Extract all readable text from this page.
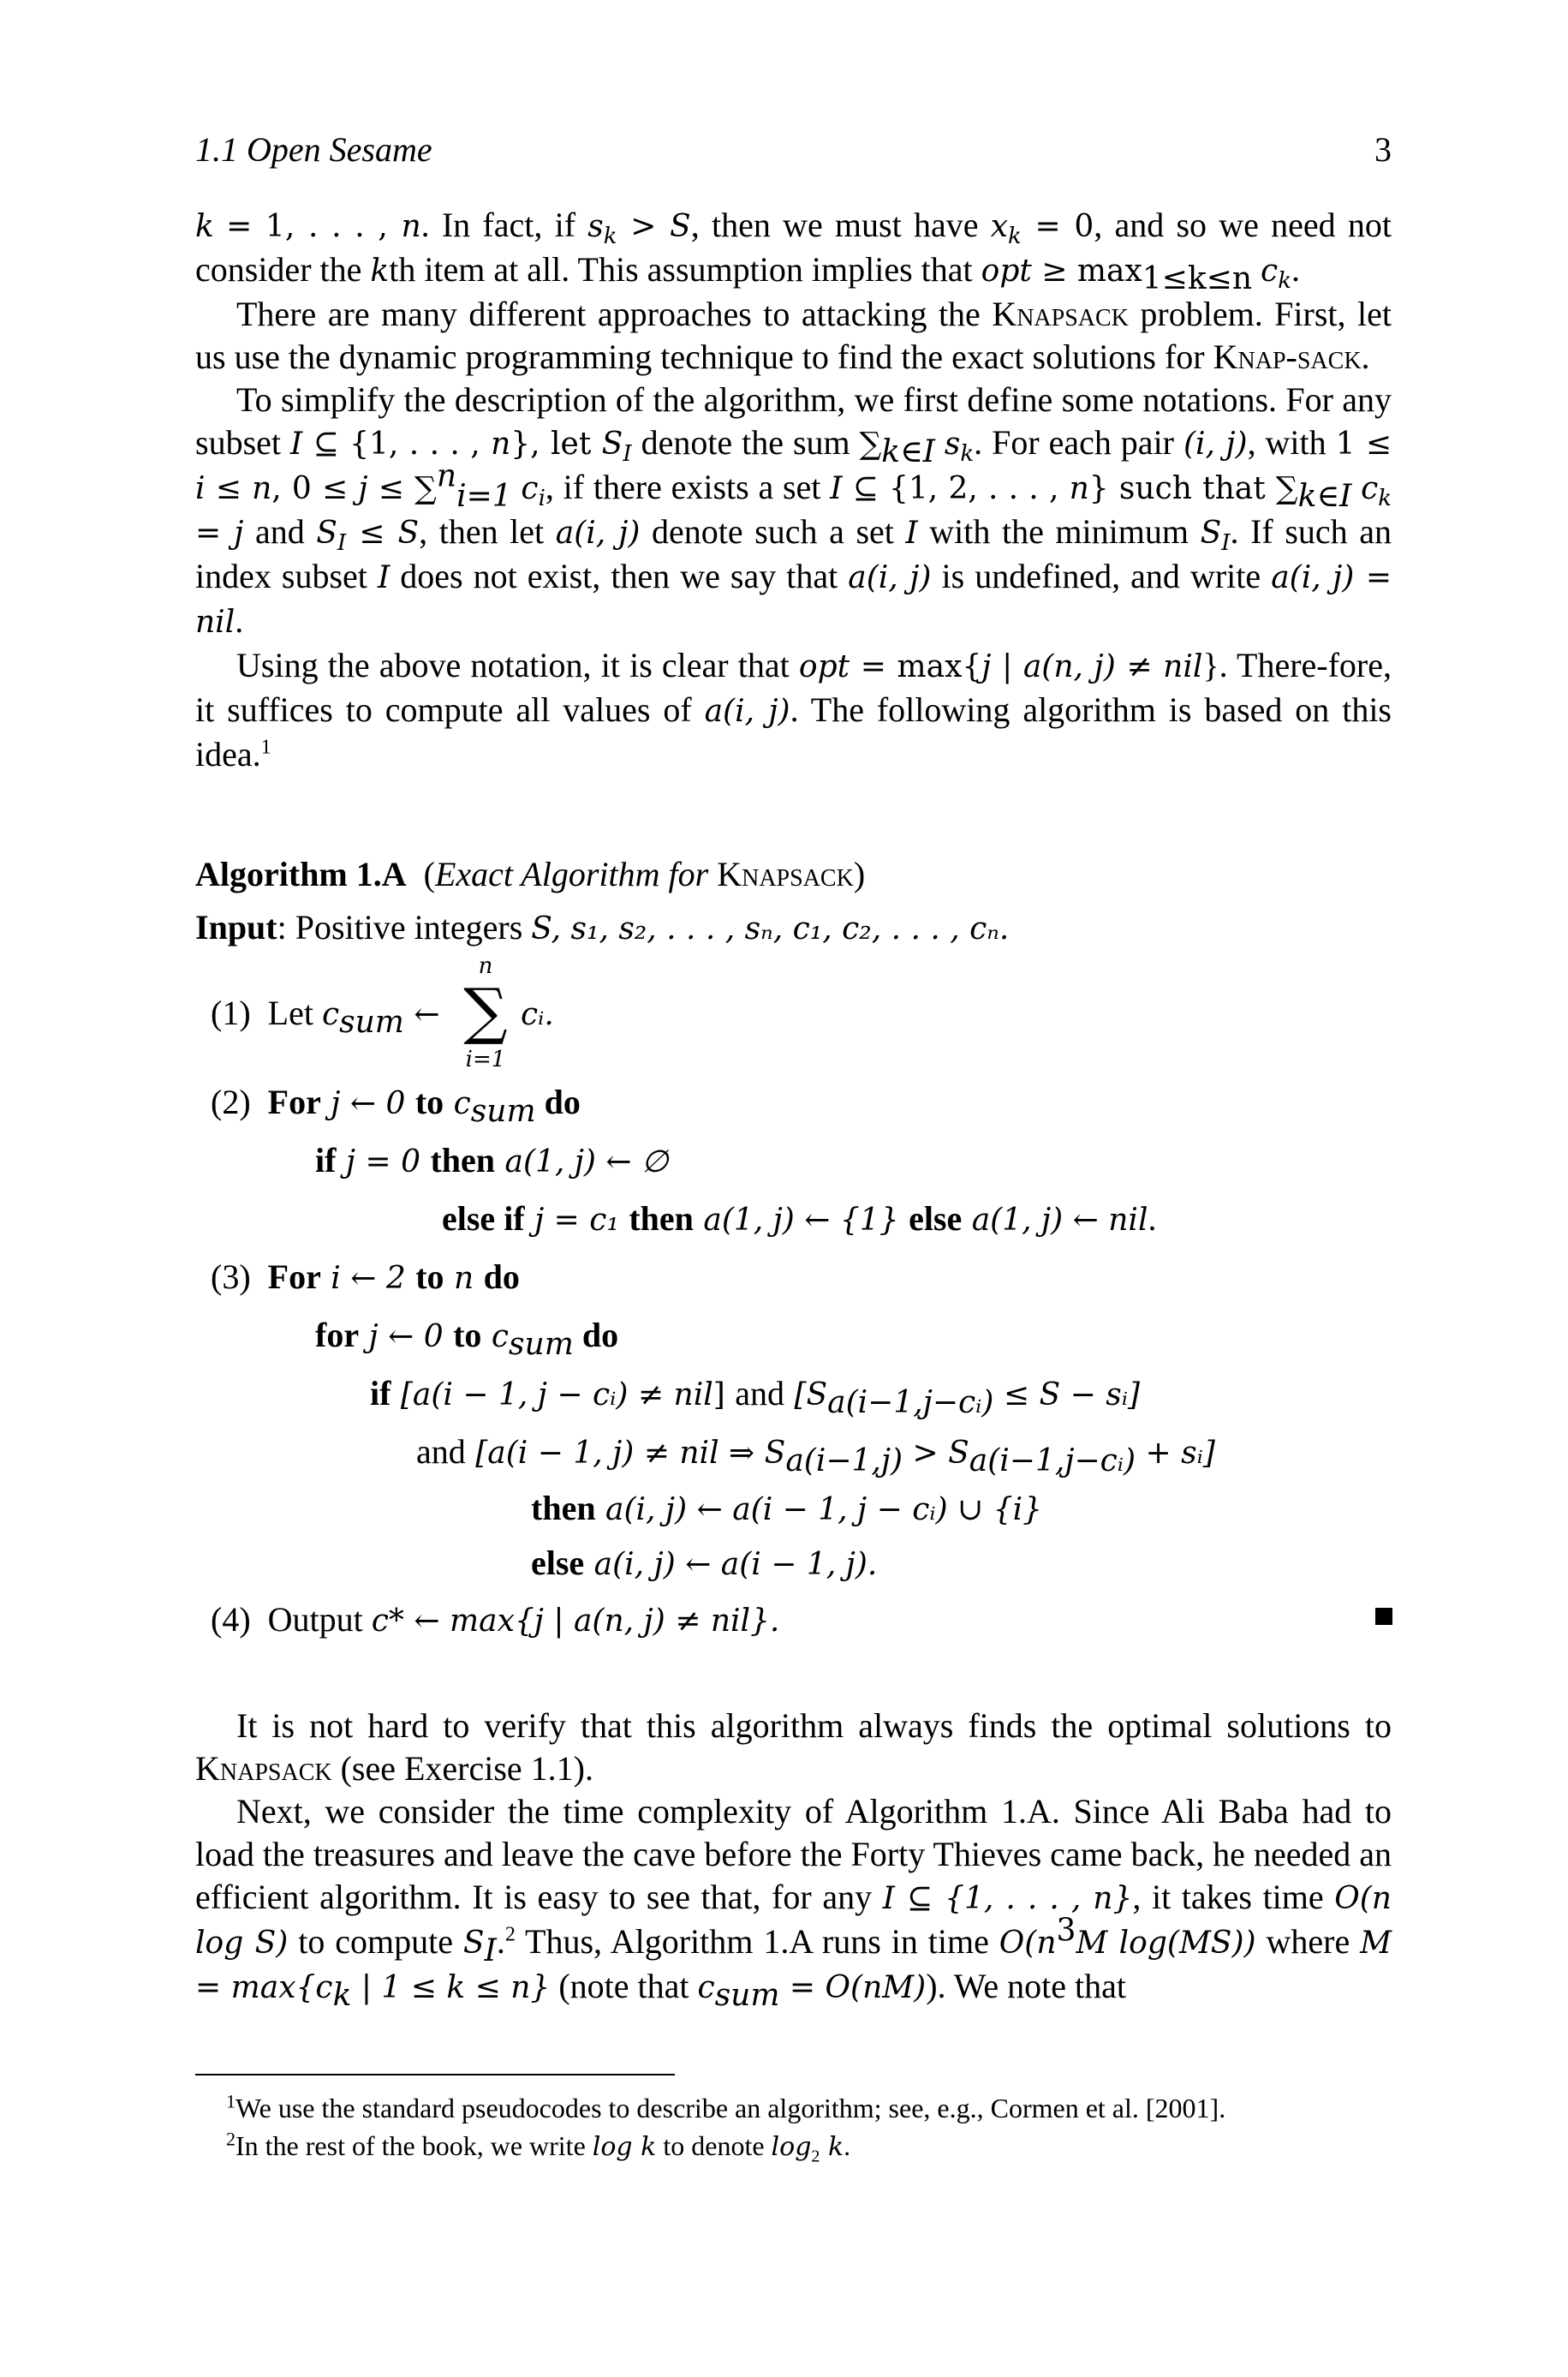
1.1 Open Sesame	3

k = 1, . . . , n. In fact, if $s_k > S$, then we must have $x_k = 0$, and so we need not consider the kth item at all. This assumption implies that opt ≥ $\max_{1\le k\le n} c_k$.

There are many different approaches to attacking the Knapsack problem. First, let us use the dynamic programming technique to find the exact solutions for Knap-sack.

To simplify the description of the algorithm, we first define some notations. For any subset I ⊆ {1, . . . , n}, let $S_I$ denote the sum $\sum_{k\in I}$ $s_k$. For each pair (i, j), with 1 ≤ i ≤ n, 0 ≤ j ≤ ∑$^n_{i=1}$ $c_i$, if there exists a set I ⊆ {1, 2, . . . , n} such that $\sum_{k\in I}$ $c_k = j$ and $S_I \le S$, then let a(i, j) denote such a set I with the minimum $S_I$. If such an index subset I does not exist, then we say that a(i, j) is undefined, and write a(i, j) = nil.

Using the above notation, it is clear that opt = max{j | a(n, j) ≠ nil}. There-fore, it suffices to compute all values of a(i, j). The following algorithm is based on this idea.$^1$

Algorithm 1.A  (Exact Algorithm for Knapsack)
Input: Positive integers S, s₁, s₂, . . . , sₙ, c₁, c₂, . . . , cₙ.
(1) Let $c_{sum}$ ←
n
∑
i=1
cᵢ.
(2) For j ← 0 to $c_{sum}$ do
if j = 0 then a(1, j) ← ∅
else if j = c₁ then a(1, j) ← {1} else a(1, j) ← nil.
(3) For i ← 2 to n do
for j ← 0 to $c_{sum}$ do
if [a(i − 1, j − cᵢ) ≠ nil] and [$S_{a(i-1,j-cᵢ)} \le S$ − sᵢ]
and [a(i − 1, j) ≠ nil ⇒ $S_{a(i-1,j)} > S_{a(i-1,j-cᵢ)}$ + sᵢ]
then a(i, j) ← a(i − 1, j − cᵢ) ∪ {i}
else a(i, j) ← a(i − 1, j).
(4) Output c* ← max{j | a(n, j) ≠ nil}.

It is not hard to verify that this algorithm always finds the optimal solutions to Knapsack (see Exercise 1.1).

Next, we consider the time complexity of Algorithm 1.A. Since Ali Baba had to load the treasures and leave the cave before the Forty Thieves came back, he needed an efficient algorithm. It is easy to see that, for any I ⊆ {1, . . . , n}, it takes time O(n log S) to compute $S_I.^2$ Thus, Algorithm 1.A runs in time $O(n^3M$ log(MS)) where $M = \max\{c_k$ | 1 ≤ k ≤ n} (note that $c_{sum} = O(nM)$). We note that

$^1$We use the standard pseudocodes to describe an algorithm; see, e.g., Cormen et al. [2001].
$^2$In the rest of the book, we write log k to denote $\log_2 k$.
